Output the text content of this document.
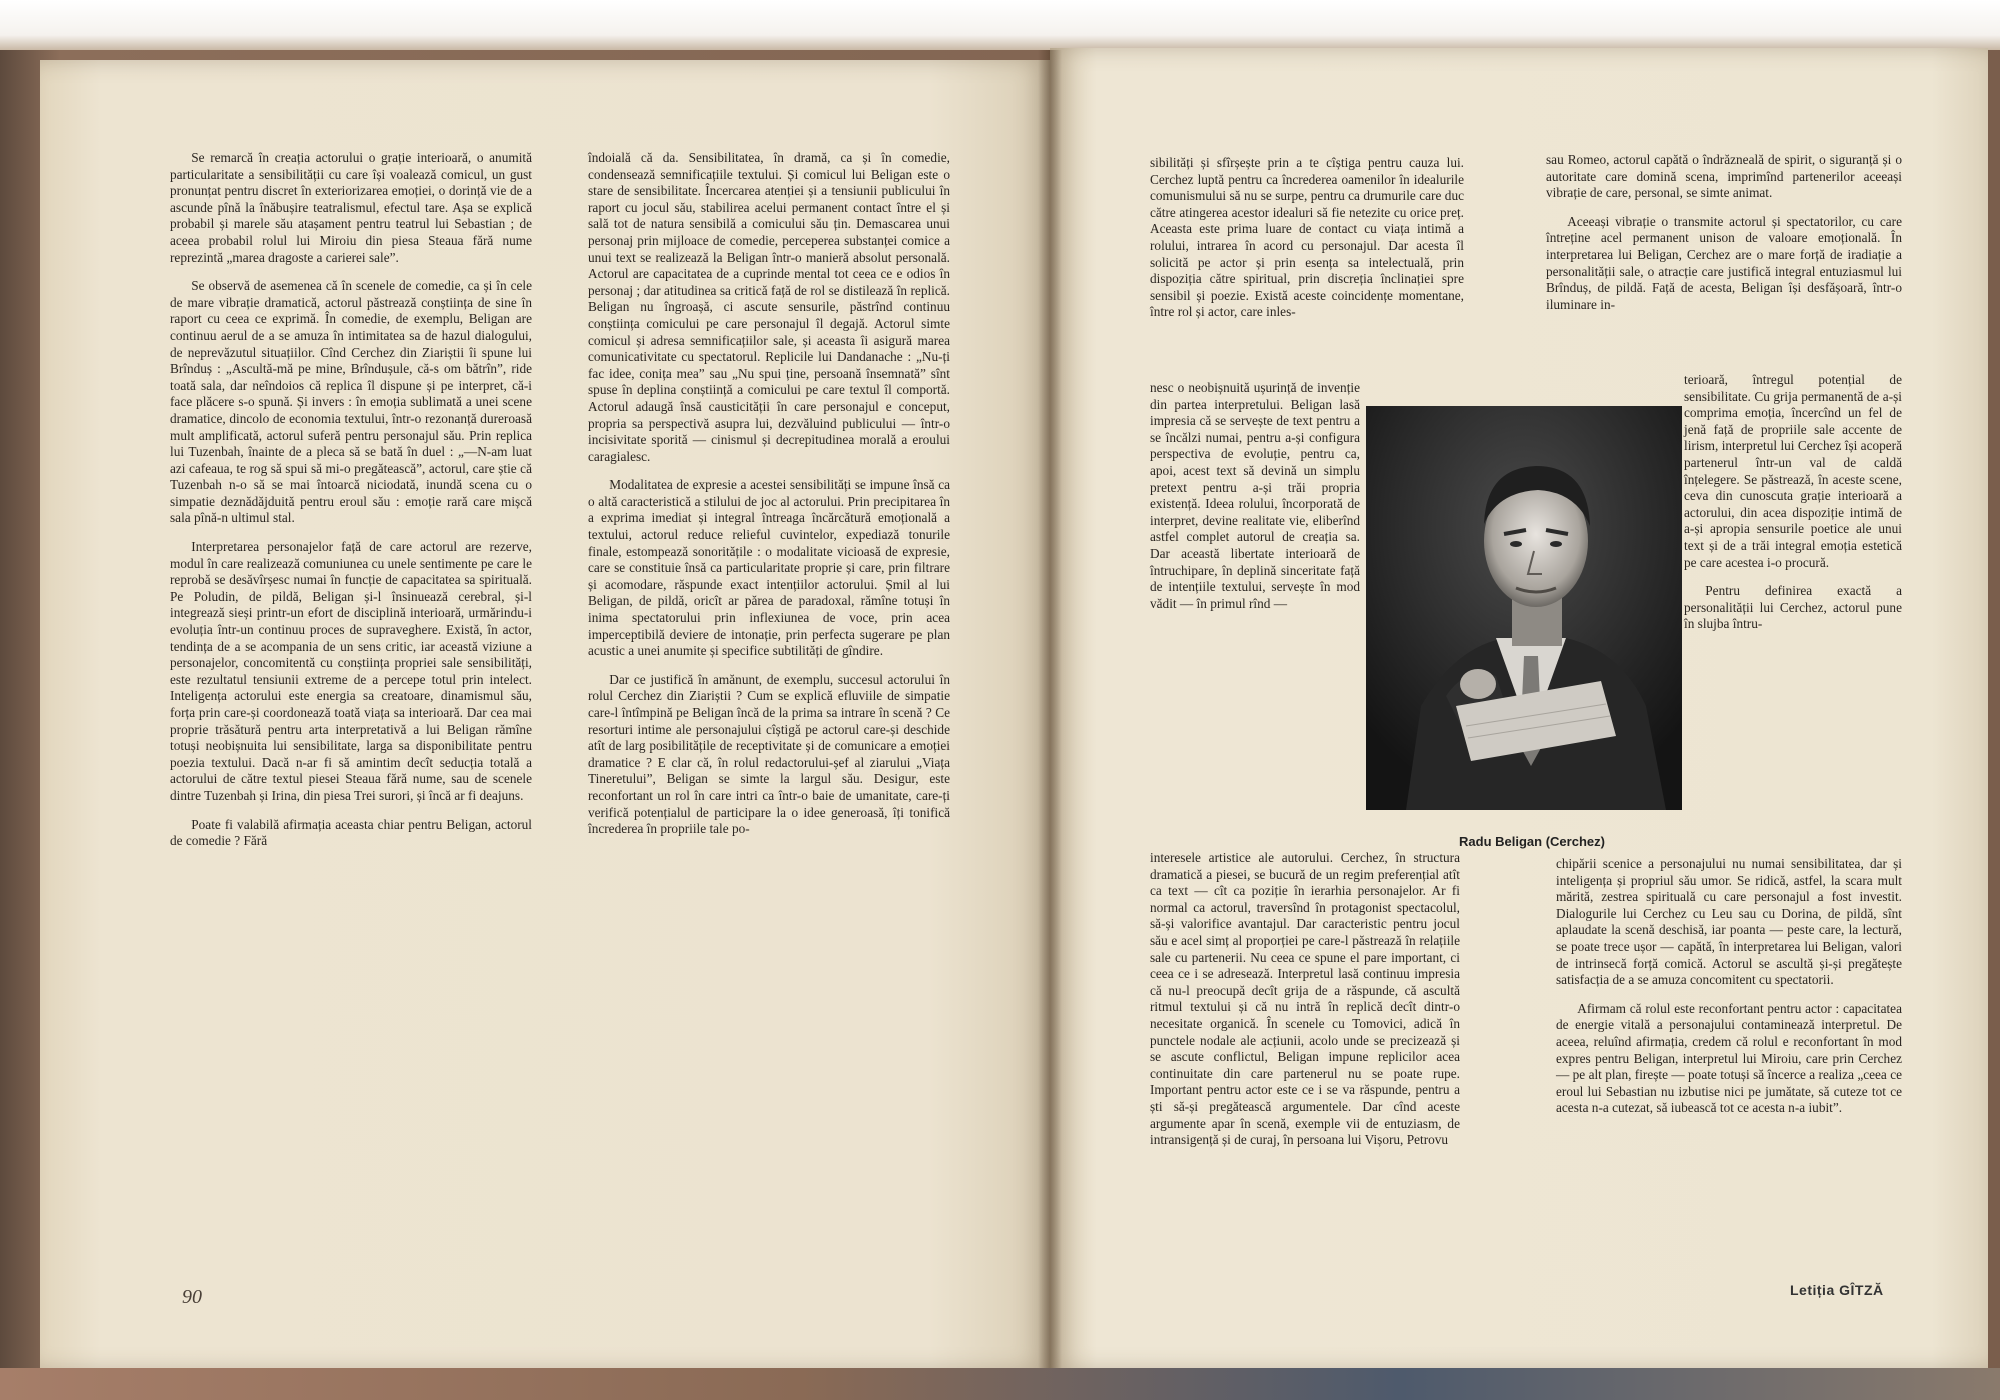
Se remarcă în creația actorului o grație interioară, o anumită particularitate a sensibilității cu care își voalează comicul, un gust pronunțat pentru discret în exteriorizarea emoției, o dorință vie de a ascunde pînă la înăbușire teatralismul, efectul tare. Așa se explică probabil și marele său atașament pentru teatrul lui Sebastian ; de aceea probabil rolul lui Miroiu din piesa Steaua fără nume reprezintă „marea dragoste a carierei sale”.

Se observă de asemenea că în scenele de comedie, ca și în cele de mare vibrație dramatică, actorul păstrează conștiința de sine în raport cu ceea ce exprimă. În comedie, de exemplu, Beligan are continuu aerul de a se amuza în intimitatea sa de hazul dialogului, de neprevăzutul situațiilor. Cînd Cerchez din Ziariștii îi spune lui Brînduș : „Ascultă-mă pe mine, Brîndușule, că-s om bătrîn”, ride toată sala, dar neîndoios că replica îl dispune și pe interpret, că-i face plăcere s-o spună. Și invers : în emoția sublimată a unei scene dramatice, dincolo de economia textului, într-o rezonanță dureroasă mult amplificată, actorul suferă pentru personajul său. Prin replica lui Tuzenbah, înainte de a pleca să se bată în duel : „—N-am luat azi cafeaua, te rog să spui să mi-o pregătească”, actorul, care știe că Tuzenbah n-o să se mai întoarcă niciodată, inundă scena cu o simpatie deznădăjduită pentru eroul său : emoție rară care mișcă sala pînă-n ultimul stal.

Interpretarea personajelor față de care actorul are rezerve, modul în care realizează comuniunea cu unele sentimente pe care le reprobă se desăvîrșesc numai în funcție de capacitatea sa spirituală. Pe Poludin, de pildă, Beligan și-l însinuează cerebral, și-l integrează sieși printr-un efort de disciplină interioară, urmărindu-i evoluția într-un continuu proces de supraveghere. Există, în actor, tendința de a se acompania de un sens critic, iar această viziune a personajelor, concomitentă cu conștiința propriei sale sensibilități, este rezultatul tensiunii extreme de a percepe totul prin intelect. Inteligența actorului este energia sa creatoare, dinamismul său, forța prin care-și coordonează toată viața sa interioară. Dar cea mai proprie trăsătură pentru arta interpretativă a lui Beligan rămîne totuși neobișnuita lui sensibilitate, larga sa disponibilitate pentru poezia textului. Dacă n-ar fi să amintim decît seducția totală a actorului de către textul piesei Steaua fără nume, sau de scenele dintre Tuzenbah și Irina, din piesa Trei surori, și încă ar fi deajuns.

Poate fi valabilă afirmația aceasta chiar pentru Beligan, actorul de comedie ? Fără

îndoială că da. Sensibilitatea, în dramă, ca și în comedie, condensează semnificațiile textului. Și comicul lui Beligan este o stare de sensibilitate. Încercarea atenției și a tensiunii publicului în raport cu jocul său, stabilirea acelui permanent contact între el și sală tot de natura sensibilă a comicului său țin. Demascarea unui personaj prin mijloace de comedie, perceperea substanței comice a unui text se realizează la Beligan într-o manieră absolut personală. Actorul are capacitatea de a cuprinde mental tot ceea ce e odios în personaj ; dar atitudinea sa critică față de rol se distilează în replică. Beligan nu îngroașă, ci ascute sensurile, păstrînd continuu conștiința comicului pe care personajul îl degajă. Actorul simte comicul și adresa semnificațiilor sale, și aceasta îi asigură marea comunicativitate cu spectatorul. Replicile lui Dandanache : „Nu-ți fac idee, conița mea” sau „Nu spui ține, persoană însemnată” sînt spuse în deplina conștiință a comicului pe care textul îl comportă. Actorul adaugă însă causticității în care personajul e conceput, propria sa perspectivă asupra lui, dezvăluind publicului — într-o incisivitate sporită — cinismul și decrepitudinea morală a eroului caragialesc.

Modalitatea de expresie a acestei sensibilități se impune însă ca o altă caracteristică a stilului de joc al actorului. Prin precipitarea în a exprima imediat și integral întreaga încărcătură emoțională a textului, actorul reduce relieful cuvintelor, expediază tonurile finale, estompează sonoritățile : o modalitate vicioasă de expresie, care se constituie însă ca particularitate proprie și care, prin filtrare și acomodare, răspunde exact intențiilor actorului. Șmil al lui Beligan, de pildă, oricît ar părea de paradoxal, rămîne totuși în inima spectatorului prin inflexiunea de voce, prin acea imperceptibilă deviere de intonație, prin perfecta sugerare pe plan acustic a unei anumite și specifice subtilități de gîndire.

Dar ce justifică în amănunt, de exemplu, succesul actorului în rolul Cerchez din Ziariștii ? Cum se explică efluviile de simpatie care-l întîmpină pe Beligan încă de la prima sa intrare în scenă ? Ce resorturi intime ale personajului cîștigă pe actorul care-și deschide atît de larg posibilitățile de receptivitate și de comunicare a emoției dramatice ? E clar că, în rolul redactorului-șef al ziarului „Viața Tineretului”, Beligan se simte la largul său. Desigur, este reconfortant un rol în care intri ca într-o baie de umanitate, care-ți verifică potențialul de participare la o idee generoasă, îți tonifică încrederea în propriile tale po-

90

sibilități și sfîrșește prin a te cîștiga pentru cauza lui. Cerchez luptă pentru ca încrederea oamenilor în idealurile comunismului să nu se surpe, pentru ca drumurile care duc către atingerea acestor idealuri să fie netezite cu orice preț. Aceasta este prima luare de contact cu viața intimă a rolului, intrarea în acord cu personajul. Dar acesta îl solicită pe actor și prin esența sa intelectuală, prin dispoziția către spiritual, prin discreția înclinației spre sensibil și poezie. Există aceste coincidențe momentane, între rol și actor, care inles-

nesc o neobișnuită ușurință de invenție din partea interpretului. Beligan lasă impresia că se servește de text pentru a se încălzi numai, pentru a-și configura perspectiva de evoluție, pentru ca, apoi, acest text să devină un simplu pretext pentru a-și trăi propria existență. Ideea rolului, încorporată de interpret, devine realitate vie, eliberînd astfel complet autorul de creația sa. Dar această libertate interioară de întruchipare, în deplină sinceritate față de intențiile textului, servește în mod vădit — în primul rînd —

interesele artistice ale autorului. Cerchez, în structura dramatică a piesei, se bucură de un regim preferențial atît ca text — cît ca poziție în ierarhia personajelor. Ar fi normal ca actorul, traversînd în protagonist spectacolul, să-și valorifice avantajul. Dar caracteristic pentru jocul său e acel simț al proporției pe care-l păstrează în relațiile sale cu partenerii. Nu ceea ce spune el pare important, ci ceea ce i se adresează. Interpretul lasă continuu impresia că nu-l preocupă decît grija de a răspunde, că ascultă ritmul textului și că nu intră în replică decît dintr-o necesitate organică. În scenele cu Tomovici, adică în punctele nodale ale acțiunii, acolo unde se precizează și se ascute conflictul, Beligan impune replicilor acea continuitate din care partenerul nu se poate rupe. Important pentru actor este ce i se va răspunde, pentru a ști să-și pregătească argumentele. Dar cînd aceste argumente apar în scenă, exemple vii de entuziasm, de intransigență și de curaj, în persoana lui Vișoru, Petrovu

Radu Beligan (Cerchez)

sau Romeo, actorul capătă o îndrăzneală de spirit, o siguranță și o autoritate care domină scena, imprimînd partenerilor aceeași vibrație de care, personal, se simte animat.

Aceeași vibrație o transmite actorul și spectatorilor, cu care întreține acel permanent unison de valoare emoțională. În interpretarea lui Beligan, Cerchez are o mare forță de iradiație a personalității sale, o atracție care justifică integral entuziasmul lui Brînduș, de pildă. Față de acesta, Beligan își desfășoară, într-o iluminare in-

terioară, întregul potențial de sensibilitate. Cu grija permanentă de a-și comprima emoția, încercînd un fel de jenă față de propriile sale accente de lirism, interpretul lui Cerchez își acoperă partenerul într-un val de caldă înțelegere. Se păstrează, în aceste scene, ceva din cunoscuta grație interioară a actorului, din acea dispoziție intimă de a-și apropia sensurile poetice ale unui text și de a trăi integral emoția estetică pe care acestea i-o procură.

Pentru definirea exactă a personalității lui Cerchez, actorul pune în slujba întru-

chipării scenice a personajului nu numai sensibilitatea, dar și inteligența și propriul său umor. Se ridică, astfel, la scara mult mărită, zestrea spirituală cu care personajul a fost investit. Dialogurile lui Cerchez cu Leu sau cu Dorina, de pildă, sînt aplaudate la scenă deschisă, iar poanta — peste care, la lectură, se poate trece ușor — capătă, în interpretarea lui Beligan, valori de intrinsecă forță comică. Actorul se ascultă și-și pregătește satisfacția de a se amuza concomitent cu spectatorii.

Afirmam că rolul este reconfortant pentru actor : capacitatea de energie vitală a personajului contaminează interpretul. De aceea, reluînd afirmația, credem că rolul e reconfortant în mod expres pentru Beligan, interpretul lui Miroiu, care prin Cerchez — pe alt plan, firește — poate totuși să încerce a realiza „ceea ce eroul lui Sebastian nu izbutise nici pe jumătate, să cuteze tot ce acesta n-a cutezat, să iubească tot ce acesta n-a iubit”.

Letiția GÎTZĂ
